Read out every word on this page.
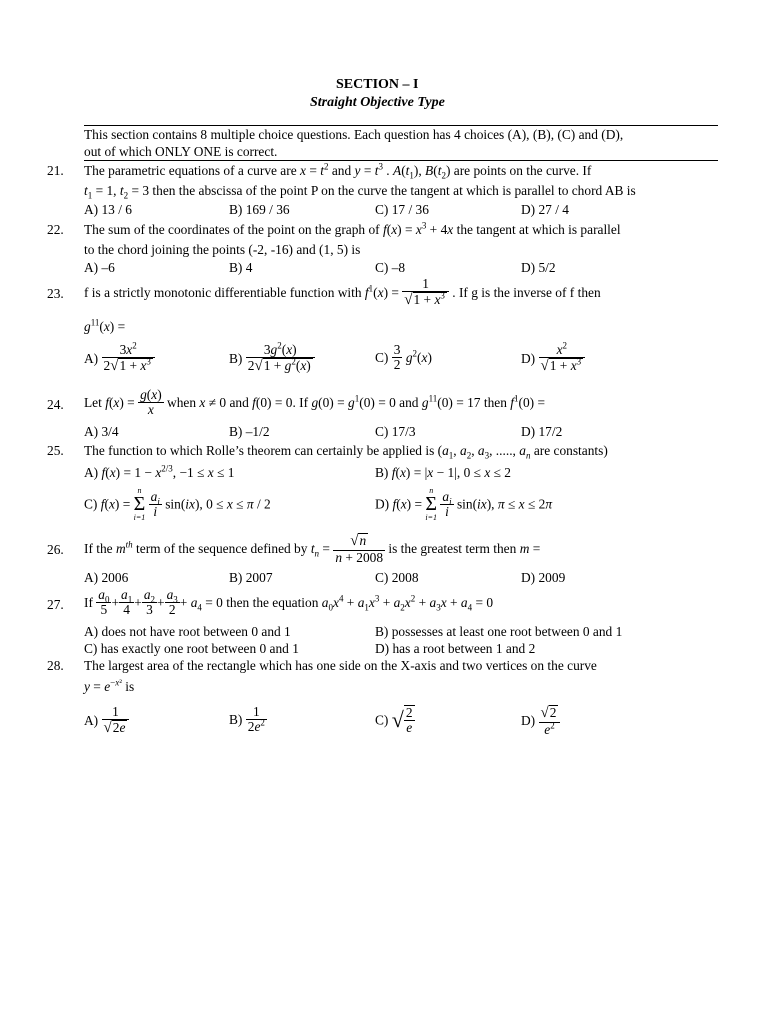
SECTION – I
Straight Objective Type
This section contains 8 multiple choice questions. Each question has 4 choices (A), (B), (C) and (D),
out of which ONLY ONE is correct.
21. The parametric equations of a curve are $x = t^2$ and $y = t^3$ . $A(t_1)$, $B(t_2)$ are points on the curve. If
$t_1 = 1$, $t_2 = 3$ then the abscissa of the point P on the curve the tangent at which is parallel to chord AB is
A) 13 / 6	B) 169 / 36	C) 17 / 36	D) 27 / 4
22. The sum of the coordinates of the point on the graph of $f(x) = x^3 + 4x$ the tangent at which is parallel
to the chord joining the points (-2, -16) and (1, 5) is
A) –6	B) 4	C) –8	D) 5/2
23. f is a strictly monotonic differentiable function with $f^1(x) = \frac{1}{√1 + x^3}$ . If g is the inverse of f then
$g^{11}(x)$ =
$A) \frac{3x^2}{2√1 + x^3}$	$B) \frac{3g^2(x)}{2√1 + g^2(x)}$	$C) \frac{3}{2} g^2(x)$	$D) \frac{x^2}{√1 + x^3}$
24. Let $f(x) = \frac{g(x)}{x}$ when x ≠ 0 and f(0) = 0. If $g(0) = g^1(0) = 0$ and $g^{11}(0) = 17$ then $f^1(0)$ =
A) 3/4	B) –1/2	C) 17/3	D) 17/2
25. The function to which Rolle’s theorem can certainly be applied is ($a_1$, $a_2$, $a_3$, ....., $a_n$ are constants)
A) $f(x) = 1 - x^{2/3}$, −1 ≤ x ≤ 1	B) f(x) = |x − 1|, 0 ≤ x ≤ 2
C) f(x) =
n
Σ
i=1
$\frac{a_i}{i} \sin(ix)$, 0 ≤ x ≤ π / 2	D) f(x) =
n
Σ
i=1
$\frac{a_i}{i} \sin(ix)$, π ≤ x ≤ 2π
26. If the $m^{th}$ term of the sequence defined by $t_n = \frac{√n}{n + 2008}$ is the greatest term then m =
A) 2006	B) 2007	C) 2008	D) 2009
27. If $\frac{a_0}{5} + \frac{a_1}{4} + \frac{a_2}{3} + \frac{a_3}{2} + a_4 = 0$ then the equation $a_0x^4 + a_1x^3 + a_2x^2 + a_3x + a_4 = 0$
A) does not have root between 0 and 1	B) possesses at least one root between 0 and 1
C) has exactly one root between 0 and 1	D) has a root between 1 and 2
28. The largest area of the rectangle which has one side on the X-axis and two vertices on the curve
$y = e^{-x^2}$ is
$A) \frac{1}{√2e}$	$B) \frac{1}{2e^2}$	C) √ $\frac{2}{e}$	$D) \frac{√2}{e^2}$
